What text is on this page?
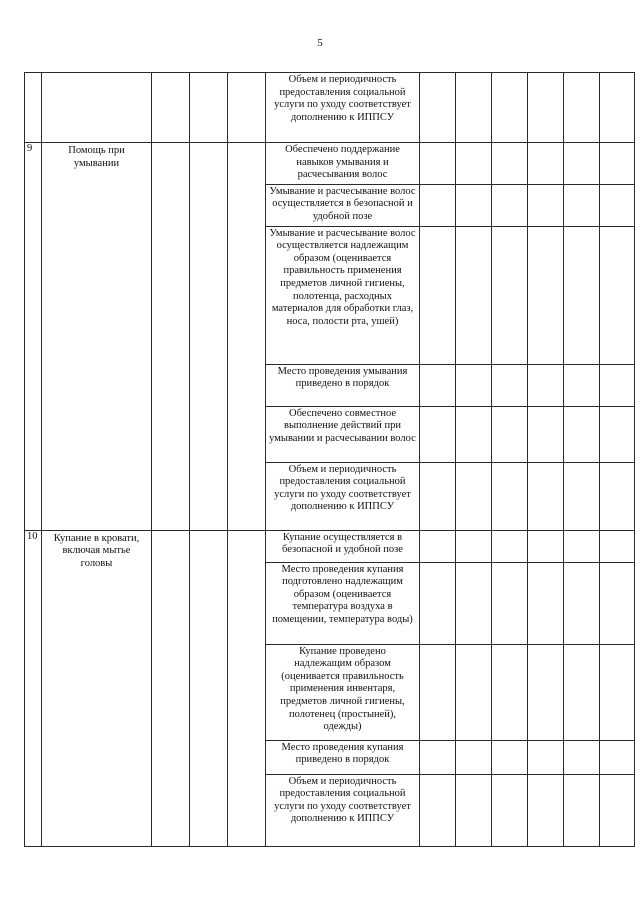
5
					Объем и периодичность предоставления социальной услуги по уходу соответствует дополнению к ИППСУ						
9	Помощь при умывании				Обеспечено поддержание навыков умывания и расчесывания волос						
					Умывание и расчесывание волос осуществляется в безопасной и удобной позе						
					Умывание и расчесывание волос осуществляется надлежащим образом (оценивается правильность применения предметов личной гигиены, полотенца, расходных материалов для обработки глаз, носа, полости рта, ушей)						
					Место проведения умывания приведено в порядок						
					Обеспечено совместное выполнение действий при умывании и расчесывании волос						
					Объем и периодичность предоставления социальной услуги по уходу соответствует дополнению к ИППСУ						
10	Купание в кровати, включая мытье головы				Купание осуществляется в безопасной и удобной позе						
					Место проведения купания подготовлено надлежащим образом (оценивается температура воздуха в помещении, температура воды)						
					Купание проведено надлежащим образом (оценивается правильность применения инвентаря, предметов личной гигиены, полотенец (простыней), одежды)						
					Место проведения купания приведено в порядок						
					Объем и периодичность предоставления социальной услуги по уходу соответствует дополнению к ИППСУ						
